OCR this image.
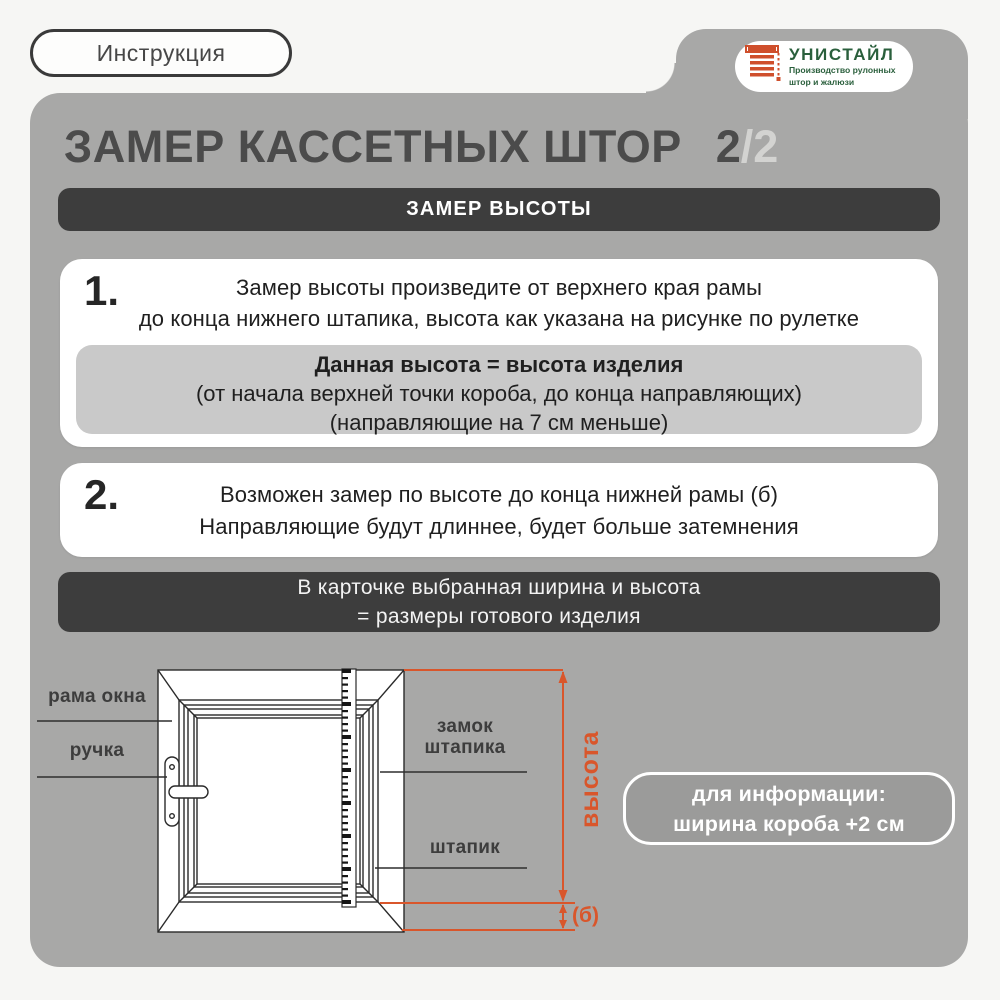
Инструкция	УНИСТАЙЛ
Производство рулонных
штор и жалюзи
ЗАМЕР КАССЕТНЫХ ШТОР 2/2
ЗАМЕР ВЫСОТЫ
1.	Замер высоты произведите от верхнего края рамы
до конца нижнего штапика, высота как указана на рисунке по рулетке
Данная высота = высота изделия
(от начала верхней точки короба, до конца направляющих)
(направляющие на 7 см меньше)
2.	Возможен замер по высоте до конца нижней рамы (б)
Направляющие будут длиннее, будет больше затемнения
В карточке выбранная ширина и высота
= размеры готового изделия
рама окна
ручка
замок
штапика
штапик
высота
(б)
для информации:
ширина короба +2 см
